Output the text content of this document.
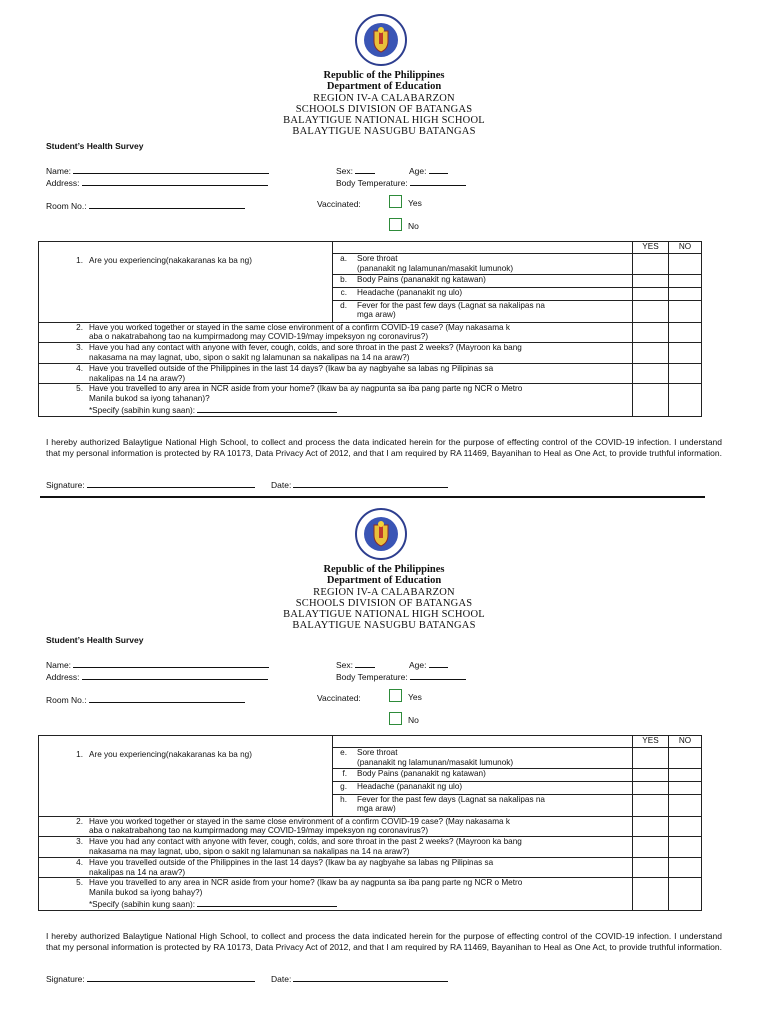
Republic of the Philippines
Department of Education
REGION IV-A CALABARZON
SCHOOLS DIVISION OF BATANGAS
BALAYTIGUE NATIONAL HIGH SCHOOL
BALAYTIGUE NASUGBU BATANGAS
Student’s Health Survey
Name:
Address:
Room No.:
Sex:	Age:
Body Temperature:
Vaccinated:	Yes
No
1. Are you experiencing(nakakaranas ka ba ng)		YES	NO
	a. Sore throat
(pananakit ng lalamunan/masakit lumunok)		
	b. Body Pains (pananakit ng katawan)		
	c. Headache (pananakit ng ulo)		
	d. Fever for the past few days (Lagnat sa nakalipas na
mga araw)		
2. Have you worked together or stayed in the same close environment of a confirm COVID-19 case? (May nakasama k
aba o nakatrabahong tao na kumpirmadong may COVID-19/may impeksyon ng coronavirus?)			
3. Have you had any contact with anyone with fever, cough, colds, and sore throat in the past 2 weeks? (Mayroon ka bang
nakasama na may lagnat, ubo, sipon o sakit ng lalamunan sa nakalipas na 14 na araw?)			
4. Have you travelled outside of the Philippines in the last 14 days? (Ikaw ba ay nagbyahe sa labas ng Pilipinas sa
nakalipas na 14 na araw?)			
5. Have you travelled to any area in NCR aside from your home? (Ikaw ba ay nagpunta sa iba pang parte ng NCR o Metro
Manila bukod sa iyong tahanan)?
*Specify (sabihin kung saan):			
I hereby authorized Balaytigue National High School, to collect and process the data indicated herein for the purpose of effecting control of the COVID-19 infection. I understand that my personal information is protected by RA 10173, Data Privacy Act of 2012, and that I am required by RA 11469, Bayanihan to Heal as One Act, to provide truthful information.
Signature:	Date:
Republic of the Philippines
Department of Education
REGION IV-A CALABARZON
SCHOOLS DIVISION OF BATANGAS
BALAYTIGUE NATIONAL HIGH SCHOOL
BALAYTIGUE NASUGBU BATANGAS
Student’s Health Survey
Name:
Address:
Room No.:
Sex:	Age:
Body Temperature:
Vaccinated:	Yes
No
1. Are you experiencing(nakakaranas ka ba ng)		YES	NO
	e. Sore throat
(pananakit ng lalamunan/masakit lumunok)		
	f. Body Pains (pananakit ng katawan)		
	g. Headache (pananakit ng ulo)		
	h. Fever for the past few days (Lagnat sa nakalipas na
mga araw)		
2. Have you worked together or stayed in the same close environment of a confirm COVID-19 case? (May nakasama k
aba o nakatrabahong tao na kumpirmadong may COVID-19/may impeksyon ng coronavirus?)			
3. Have you had any contact with anyone with fever, cough, colds, and sore throat in the past 2 weeks? (Mayroon ka bang
nakasama na may lagnat, ubo, sipon o sakit ng lalamunan sa nakalipas na 14 na araw?)			
4. Have you travelled outside of the Philippines in the last 14 days? (Ikaw ba ay nagbyahe sa labas ng Pilipinas sa
nakalipas na 14 na araw?)			
5. Have you travelled to any area in NCR aside from your home? (Ikaw ba ay nagpunta sa iba pang parte ng NCR o Metro
Manila bukod sa iyong bahay?)
*Specify (sabihin kung saan):			
I hereby authorized Balaytigue National High School, to collect and process the data indicated herein for the purpose of effecting control of the COVID-19 infection. I understand that my personal information is protected by RA 10173, Data Privacy Act of 2012, and that I am required by RA 11469, Bayanihan to Heal as One Act, to provide truthful information.
Signature:	Date:
